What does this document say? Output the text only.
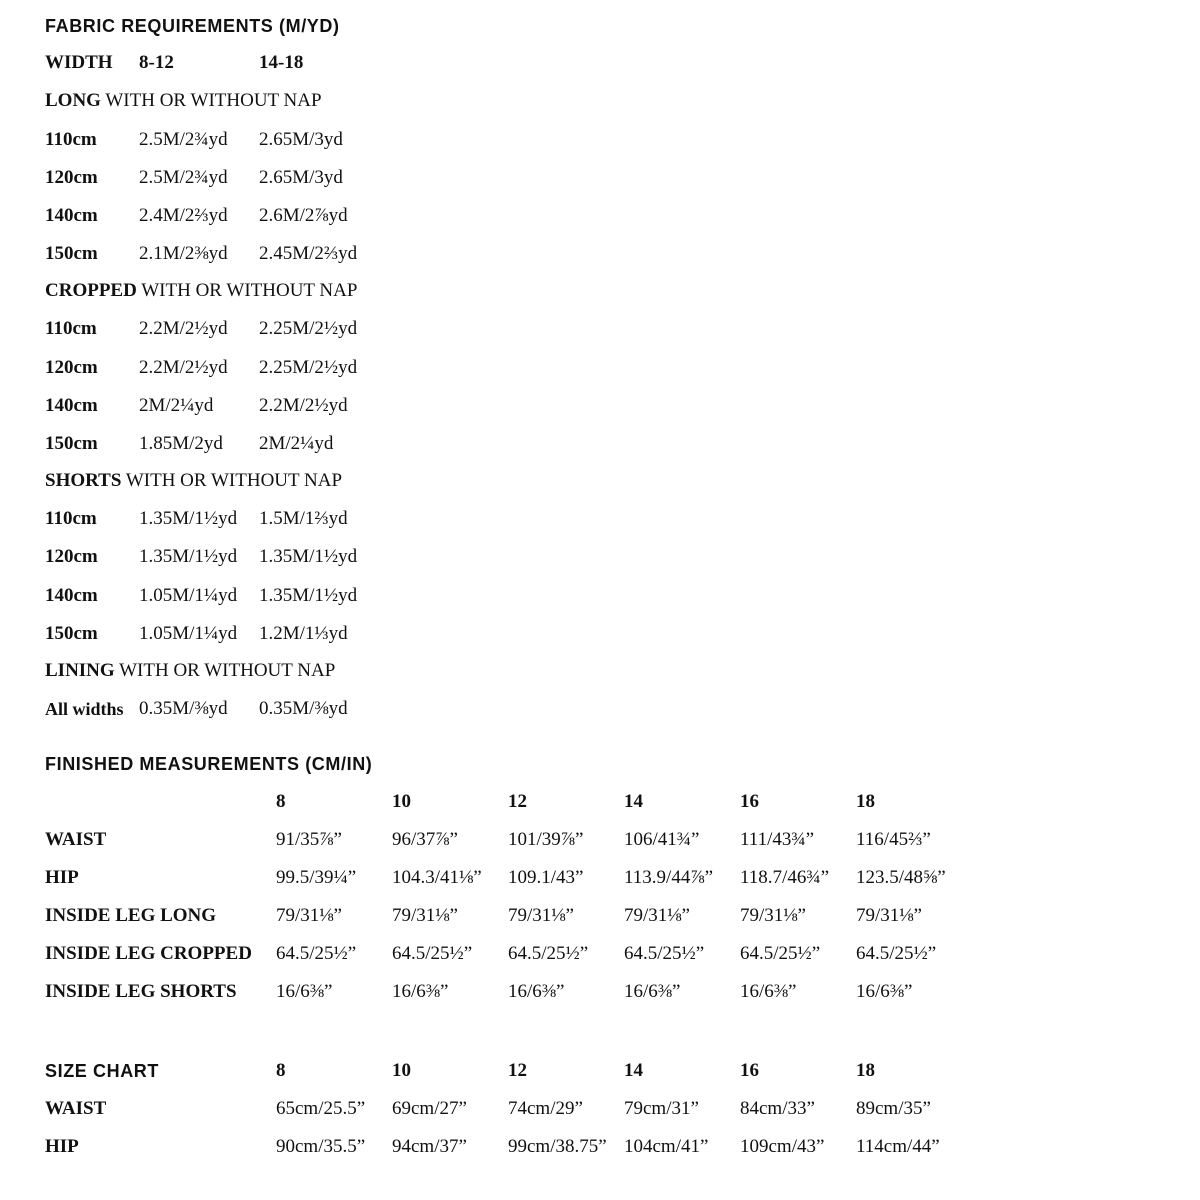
FABRIC REQUIREMENTS (M/YD)
WIDTH 8-12	14-18
LONG WITH OR WITHOUT NAP
110cm 2.5M/2¾yd 2.65M/3yd
120cm 2.5M/2¾yd 2.65M/3yd
140cm 2.4M/2⅔yd 2.6M/2⅞yd
150cm 2.1M/2⅜yd 2.45M/2⅔yd
CROPPED WITH OR WITHOUT NAP
110cm 2.2M/2½yd 2.25M/2½yd
120cm 2.2M/2½yd 2.25M/2½yd
140cm 2M/2¼yd 2.2M/2½yd
150cm 1.85M/2yd 2M/2¼yd
SHORTS WITH OR WITHOUT NAP
110cm 1.35M/1½yd 1.5M/1⅔yd
120cm 1.35M/1½yd 1.35M/1½yd
140cm 1.05M/1¼yd 1.35M/1½yd
150cm 1.05M/1¼yd 1.2M/1⅓yd
LINING WITH OR WITHOUT NAP
All widths 0.35M/⅜yd 0.35M/⅜yd
FINISHED MEASUREMENTS (CM/IN)
8	10	12	14	16	18
WAIST	91/35⅞”	96/37⅞”	101/39⅞” 106/41¾” 111/43¾” 116/45⅔”
HIP	99.5/39¼” 104.3/41⅛” 109.1/43” 113.9/44⅞” 118.7/46¾” 123.5/48⅝”
INSIDE LEG LONG	79/31⅛”	79/31⅛”	79/31⅛”	79/31⅛”	79/31⅛”	79/31⅛”
INSIDE LEG CROPPED 64.5/25½” 64.5/25½” 64.5/25½” 64.5/25½” 64.5/25½” 64.5/25½”
INSIDE LEG SHORTS 16/6⅜”	16/6⅜”	16/6⅜”	16/6⅜”	16/6⅜”	16/6⅜”
SIZE CHART	8	10	12	14	16	18
WAIST	65cm/25.5” 69cm/27” 74cm/29” 79cm/31” 84cm/33” 89cm/35”
HIP	90cm/35.5” 94cm/37” 99cm/38.75” 104cm/41” 109cm/43” 114cm/44”
